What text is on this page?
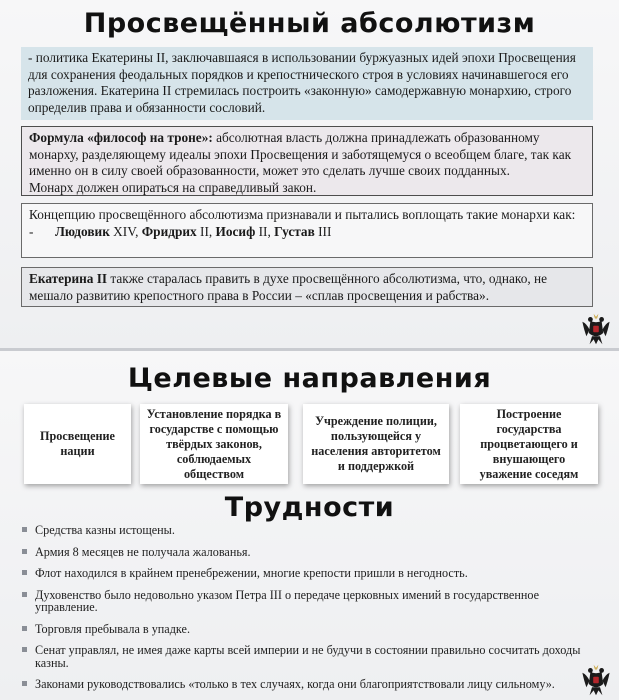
Просвещённый абсолютизм
- политика Екатерины II, заключавшаяся в использовании буржуазных идей эпохи Просвещения для сохранения феодальных порядков и крепостнического строя в условиях начинавшегося его разложения. Екатерина II стремилась построить «законную» самодержавную монархию, строго определив права и обязанности сословий.
Формула «философ на троне»: абсолютная власть должна принадлежать образованному монарху, разделяющему идеалы эпохи Просвещения и заботящемуся о всеобщем благе, так как именно он в силу своей образованности, может это сделать лучше своих подданных.
Монарх должен опираться на справедливый закон.
Концепцию просвещённого абсолютизма признавали и пытались воплощать такие монархи как:
-	Людовик XIV, Фридрих II, Иосиф II, Густав III
Екатерина II также старалась править в духе просвещённого абсолютизма, что, однако, не мешало развитию крепостного права в России – «сплав просвещения и рабства».
Целевые направления
Просвещение нации
Установление порядка в государстве с помощью твёрдых законов, соблюдаемых обществом
Учреждение полиции, пользующейся у населения авторитетом и поддержкой
Построение государства процветающего и внушающего уважение соседям
Трудности
Средства казны истощены.
Армия 8 месяцев не получала жалованья.
Флот находился в крайнем пренебрежении, многие крепости пришли в негодность.
Духовенство было недовольно указом Петра III о передаче церковных имений в государственное управление.
Торговля пребывала в упадке.
Сенат управлял, не имея даже карты всей империи и не будучи в состоянии правильно сосчитать доходы казны.
Законами руководствовались «только в тех случаях, когда они благоприятствовали лицу сильному».
